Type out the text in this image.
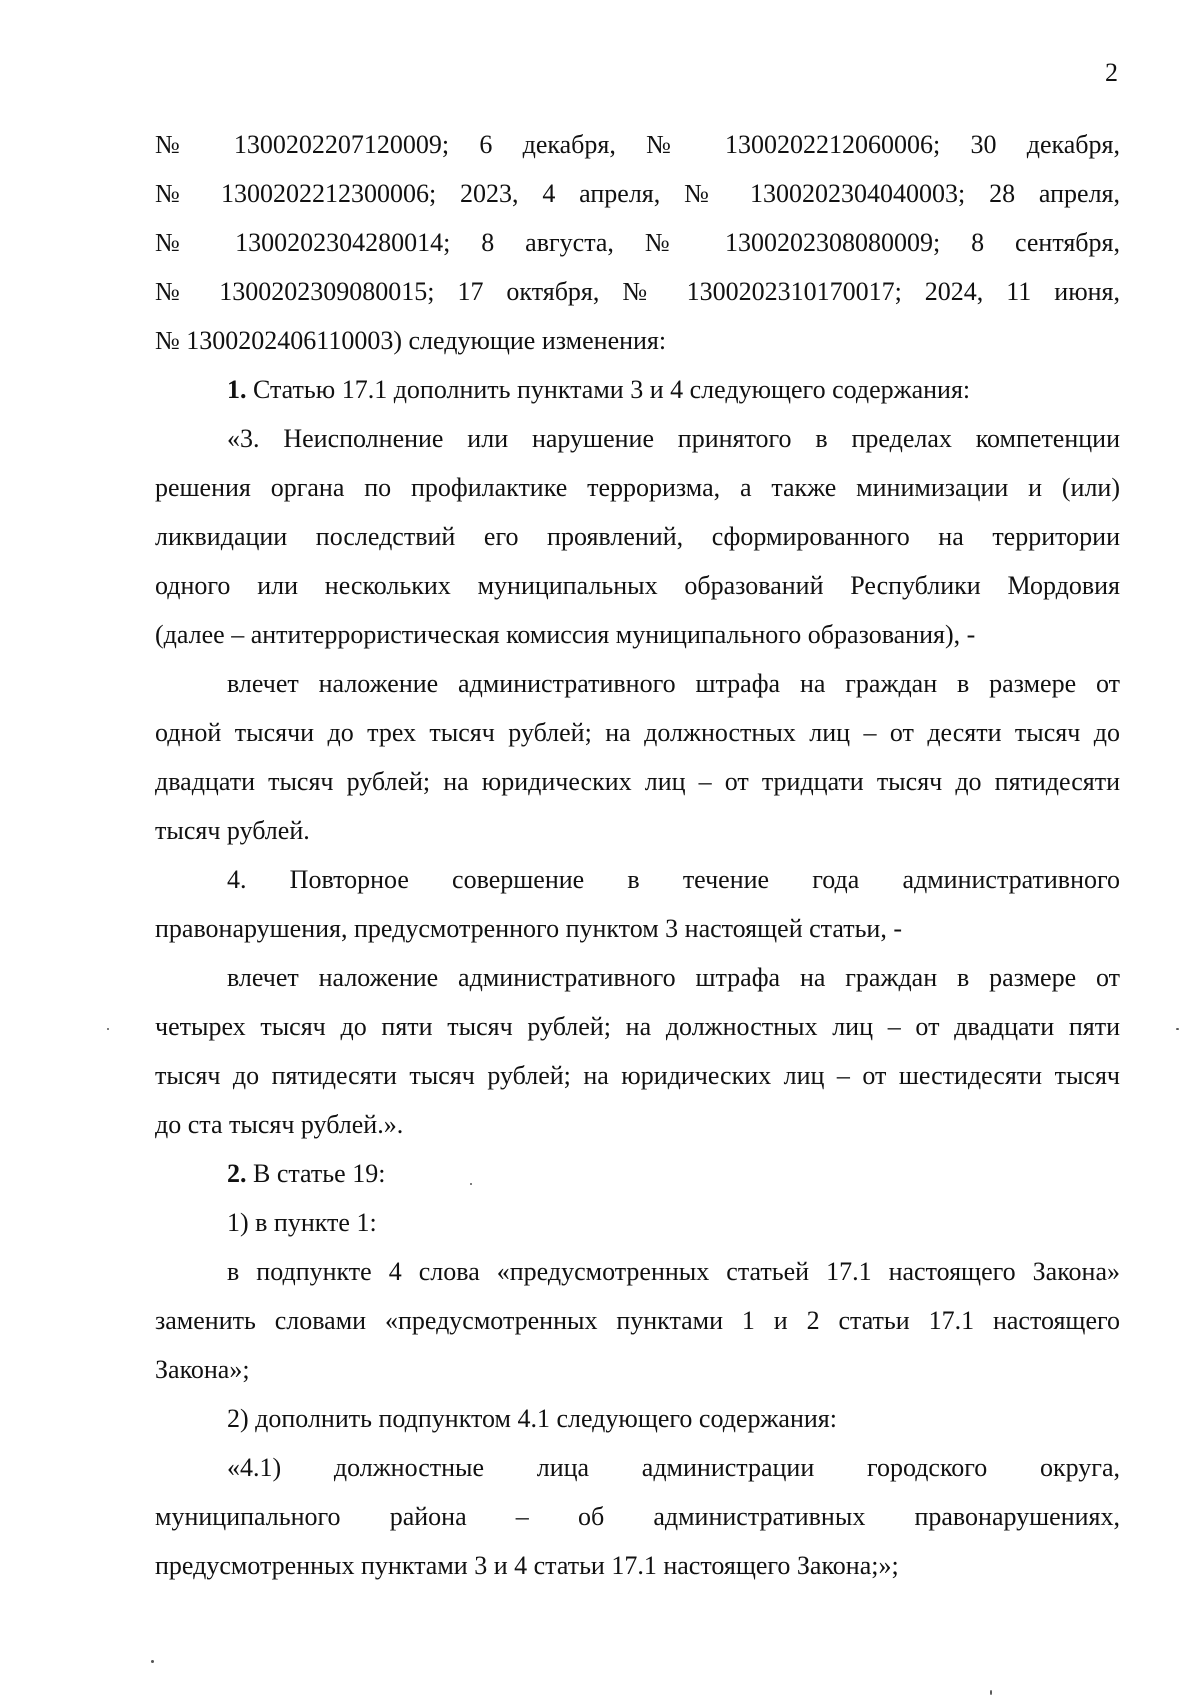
2
№ 1300202207120009; 6 декабря, № 1300202212060006; 30 декабря,
№ 1300202212300006; 2023, 4 апреля, № 1300202304040003; 28 апреля,
№ 1300202304280014; 8 августа, № 1300202308080009; 8 сентября,
№ 1300202309080015; 17 октября, № 1300202310170017; 2024, 11 июня,
№ 1300202406110003) следующие изменения:
1. Статью 17.1 дополнить пунктами 3 и 4 следующего содержания:
«3. Неисполнение или нарушение принятого в пределах компетенции
решения органа по профилактике терроризма, а также минимизации и (или)
ликвидации последствий его проявлений, сформированного на территории
одного или нескольких муниципальных образований Республики Мордовия
(далее – антитеррористическая комиссия муниципального образования), -
влечет наложение административного штрафа на граждан в размере от
одной тысячи до трех тысяч рублей; на должностных лиц – от десяти тысяч до
двадцати тысяч рублей; на юридических лиц – от тридцати тысяч до пятидесяти
тысяч рублей.
4. Повторное совершение в течение года административного
правонарушения, предусмотренного пунктом 3 настоящей статьи, -
влечет наложение административного штрафа на граждан в размере от
четырех тысяч до пяти тысяч рублей; на должностных лиц – от двадцати пяти
тысяч до пятидесяти тысяч рублей; на юридических лиц – от шестидесяти тысяч
до ста тысяч рублей.».
2. В статье 19:
1) в пункте 1:
в подпункте 4 слова «предусмотренных статьей 17.1 настоящего Закона»
заменить словами «предусмотренных пунктами 1 и 2 статьи 17.1 настоящего
Закона»;
2) дополнить подпунктом 4.1 следующего содержания:
«4.1) должностные лица администрации городского округа,
муниципального района – об административных правонарушениях,
предусмотренных пунктами 3 и 4 статьи 17.1 настоящего Закона;»;
